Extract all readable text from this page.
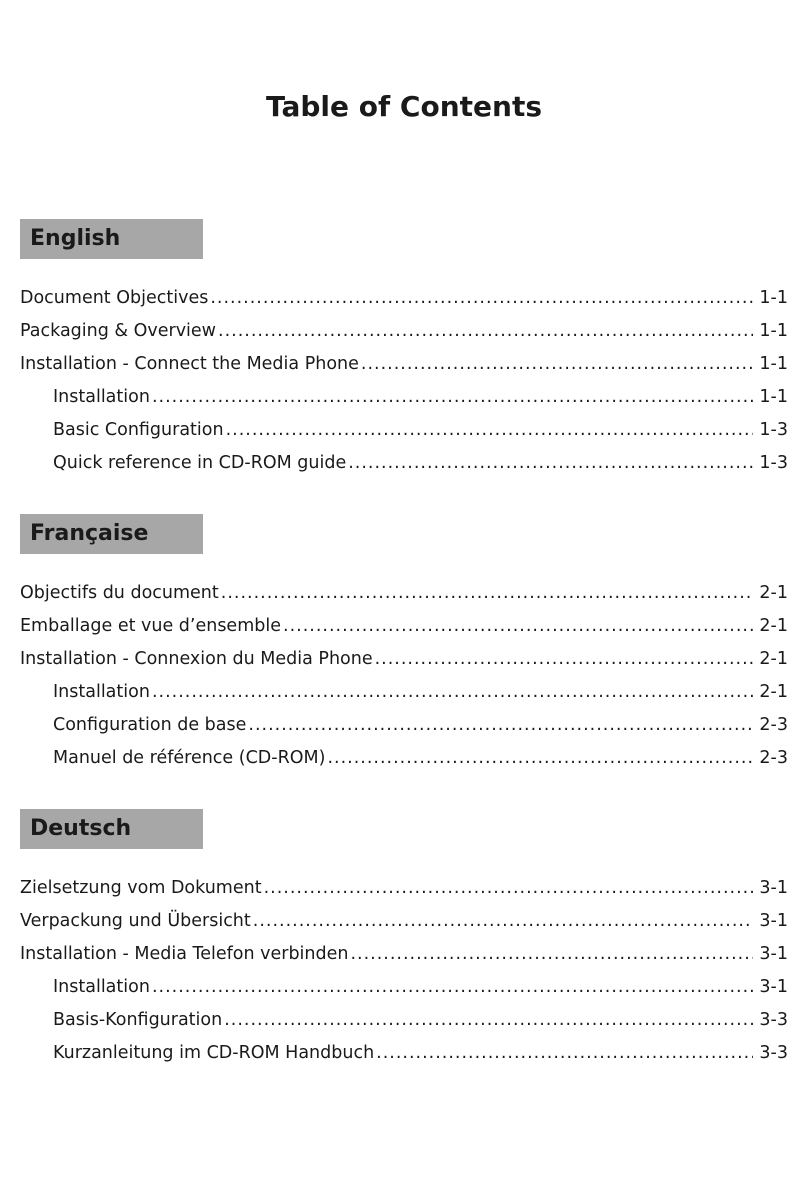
Table of Contents
English
Document Objectives .....	1-1
Packaging & Overview .....	1-1
Installation - Connect the Media Phone .....	1-1
Installation .....	1-1
Basic Configuration .....	1-3
Quick reference in CD-ROM guide .....	1-3
Française
Objectifs du document .....	2-1
Emballage et vue d’ensemble .....	2-1
Installation - Connexion du Media Phone .....	2-1
Installation .....	2-1
Configuration de base .....	2-3
Manuel de référence (CD-ROM) .....	2-3
Deutsch
Zielsetzung vom Dokument .....	3-1
Verpackung und Übersicht .....	3-1
Installation - Media Telefon verbinden .....	3-1
Installation .....	3-1
Basis-Konfiguration .....	3-3
Kurzanleitung im CD-ROM Handbuch .....	3-3
